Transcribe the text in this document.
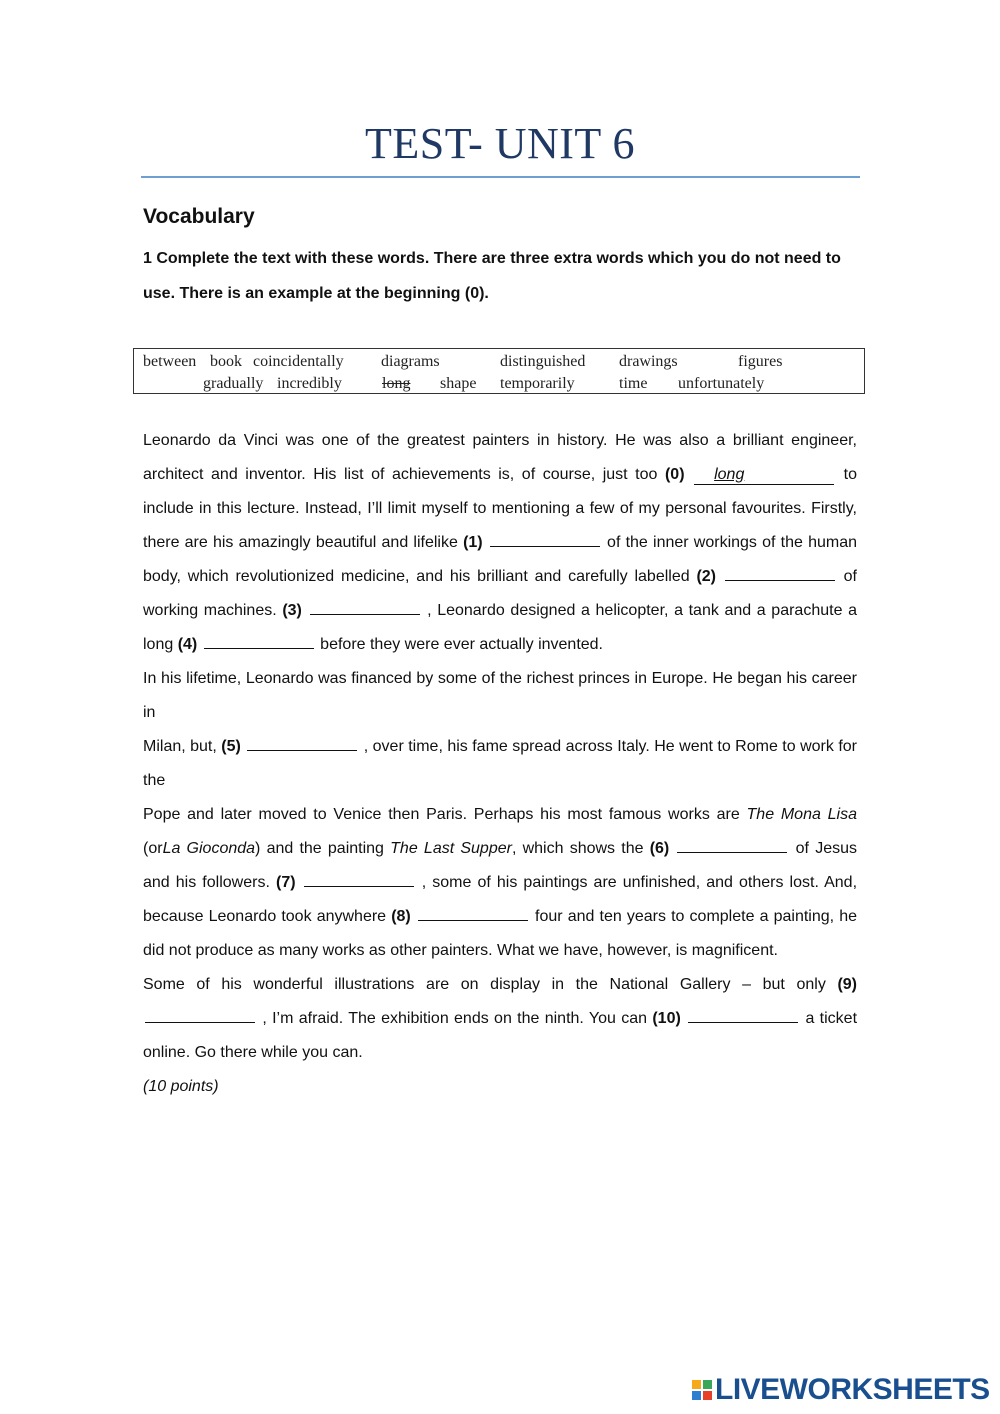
TEST- UNIT 6
Vocabulary
1 Complete the text with these words. There are three extra words which you do not need to use. There is an example at the beginning (0).
between book coincidentally diagrams	distinguished drawings	figures
gradually incredibly	long shape temporarily	time unfortunately

Leonardo da Vinci was one of the greatest painters in history. He was also a brilliant engineer, architect and inventor. His list of achievements is, of course, just too (0) long	to include in this lecture. Instead, I’ll limit myself to mentioning a few of my personal favourites. Firstly, there are his amazingly beautiful and lifelike (1)	of the inner workings of the human body, which revolutionized medicine, and his brilliant and carefully labelled (2)	of working machines. (3)	, Leonardo designed a helicopter, a tank and a parachute a long (4)	before they were ever actually invented.

In his lifetime, Leonardo was financed by some of the richest princes in Europe. He began his career in

Milan, but, (5)	, over time, his fame spread across Italy. He went to Rome to work for the

Pope and later moved to Venice then Paris. Perhaps his most famous works are The Mona Lisa (orLa Gioconda) and the painting The Last Supper, which shows the (6)	of Jesus and his followers. (7)	, some of his paintings are unfinished, and others lost. And, because Leonardo took anywhere (8)	four and ten years to complete a painting, he did not produce as many works as other painters. What we have, however, is magnificent.

Some of his wonderful illustrations are on display in the National Gallery – but only (9)  , I’m afraid. The exhibition ends on the ninth. You can (10)	a ticket online. Go there while you can.

(10 points)

LIVEWORKSHEETS
